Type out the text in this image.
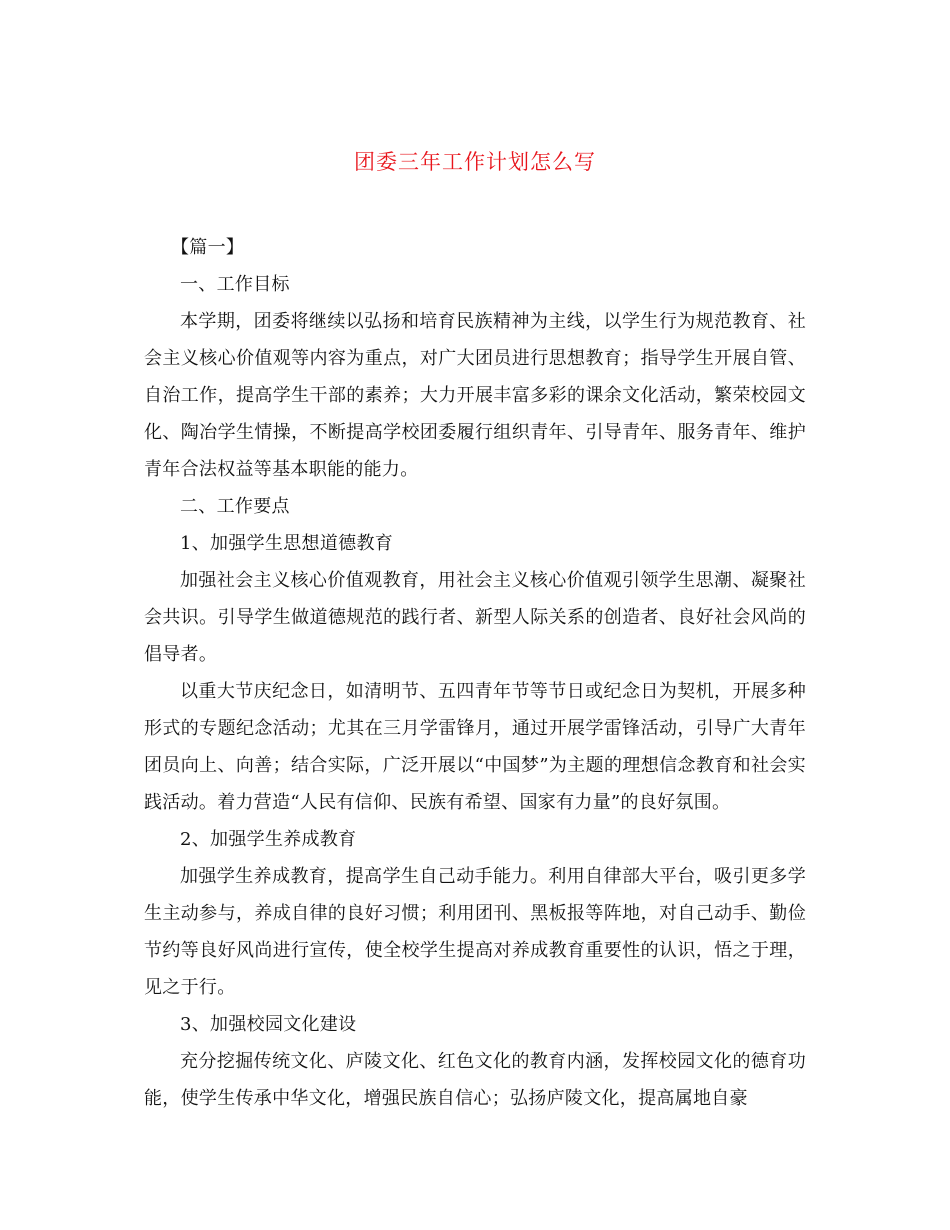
团委三年工作计划怎么写

【篇一】

一、工作目标

本学期，团委将继续以弘扬和培育民族精神为主线，以学生行为规范教育、社会主义核心价值观等内容为重点，对广大团员进行思想教育；指导学生开展自管、自治工作，提高学生干部的素养；大力开展丰富多彩的课余文化活动，繁荣校园文化、陶冶学生情操，不断提高学校团委履行组织青年、引导青年、服务青年、维护青年合法权益等基本职能的能力。

二、工作要点

1、加强学生思想道德教育

加强社会主义核心价值观教育，用社会主义核心价值观引领学生思潮、凝聚社会共识。引导学生做道德规范的践行者、新型人际关系的创造者、良好社会风尚的倡导者。

以重大节庆纪念日，如清明节、五四青年节等节日或纪念日为契机，开展多种形式的专题纪念活动；尤其在三月学雷锋月，通过开展学雷锋活动，引导广大青年团员向上、向善；结合实际，广泛开展以“中国梦”为主题的理想信念教育和社会实践活动。着力营造“人民有信仰、民族有希望、国家有力量”的良好氛围。

2、加强学生养成教育

加强学生养成教育，提高学生自己动手能力。利用自律部大平台，吸引更多学生主动参与，养成自律的良好习惯；利用团刊、黑板报等阵地，对自己动手、勤俭节约等良好风尚进行宣传，使全校学生提高对养成教育重要性的认识，悟之于理，见之于行。

3、加强校园文化建设

充分挖掘传统文化、庐陵文化、红色文化的教育内涵，发挥校园文化的德育功能，使学生传承中华文化，增强民族自信心；弘扬庐陵文化，提高属地自豪
